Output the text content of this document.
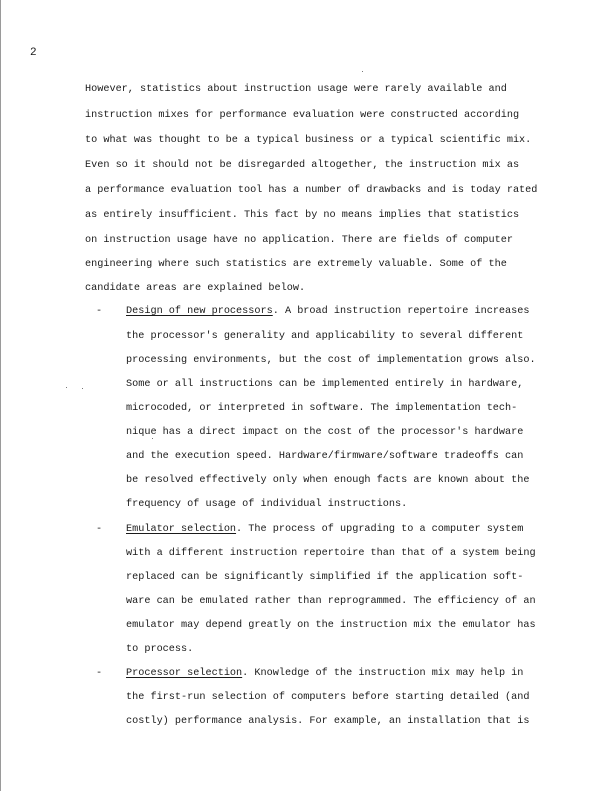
2
However, statistics about instruction usage were rarely available and
instruction mixes for performance evaluation were constructed according
to what was thought to be a typical business or a typical scientific mix.
Even so it should not be disregarded altogether, the instruction mix as
a performance evaluation tool has a number of drawbacks and is today rated
as entirely insufficient. This fact by no means implies that statistics
on instruction usage have no application. There are fields of computer
engineering where such statistics are extremely valuable. Some of the
candidate areas are explained below.
- Design of new processors. A broad instruction repertoire increases
the processor's generality and applicability to several different
processing environments, but the cost of implementation grows also.
Some or all instructions can be implemented entirely in hardware,
microcoded, or interpreted in software. The implementation tech-
nique has a direct impact on the cost of the processor's hardware
and the execution speed. Hardware/firmware/software tradeoffs can
be resolved effectively only when enough facts are known about the
frequency of usage of individual instructions.
- Emulator selection. The process of upgrading to a computer system
with a different instruction repertoire than that of a system being
replaced can be significantly simplified if the application soft-
ware can be emulated rather than reprogrammed. The efficiency of an
emulator may depend greatly on the instruction mix the emulator has
to process.
- Processor selection. Knowledge of the instruction mix may help in
the first-run selection of computers before starting detailed (and
costly) performance analysis. For example, an installation that is
